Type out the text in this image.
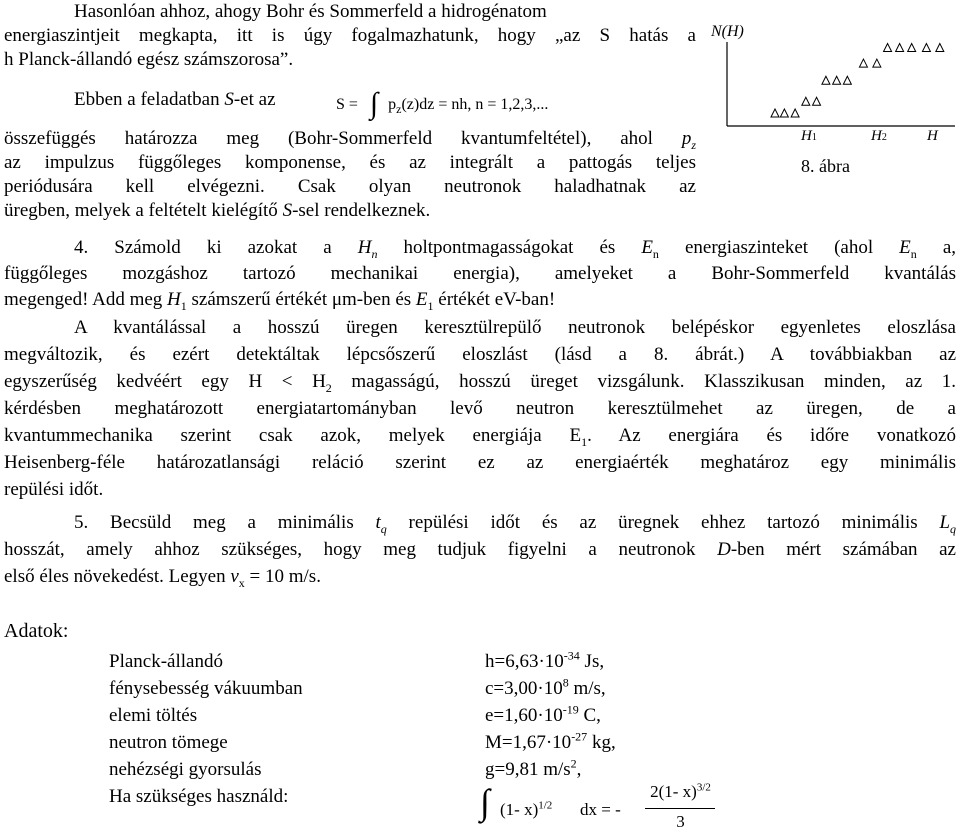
Hasonlóan ahhoz, ahogy Bohr és Sommerfeld a hidrogénatom
energiaszintjeit megkapta, itt is úgy fogalmazhatunk, hogy „az S hatás a
h Planck-állandó egész számszorosa”.
Ebben a feladatban S-et az	S = ∫ $p_z(z)dz$ = nh, n = 1,2,3,...
összefüggés határozza meg (Bohr-Sommerfeld kvantumfeltétel), ahol $p_z$
az impulzus függőleges komponense, és az integrált a pattogás teljes
periódusára kell elvégezni. Csak olyan neutronok haladhatnak az
üregben, melyek a feltételt kielégítő S-sel rendelkeznek.
N(H)
H1	H2	H
8. ábra
4. Számold ki azokat a $H_n$ holtpontmagasságokat és $E_n$ energiaszinteket (ahol $E_n$ a,
függőleges mozgáshoz tartozó mechanikai energia), amelyeket a Bohr-Sommerfeld kvantálás
megenged! Add meg $H_1$ számszerű értékét μm-ben és $E_1$ értékét eV-ban!
A kvantálással a hosszú üregen keresztülrepülő neutronok belépéskor egyenletes eloszlása
megváltozik, és ezért detektáltak lépcsőszerű eloszlást (lásd a 8. ábrát.) A továbbiakban az
egyszerűség kedvéért egy $H < H_2$ magasságú, hosszú üreget vizsgálunk. Klasszikusan minden, az 1.
kérdésben meghatározott energiatartományban levő neutron keresztülmehet az üregen, de a
kvantummechanika szerint csak azok, melyek energiája $E_1$. Az energiára és időre vonatkozó
Heisenberg-féle határozatlansági reláció szerint ez az energiaérték meghatároz egy minimális
repülési időt.
5. Becsüld meg a minimális $t_q$ repülési időt és az üregnek ehhez tartozó minimális $L_q$
hosszát, amely ahhoz szükséges, hogy meg tudjuk figyelni a neutronok D-ben mért számában az
első éles növekedést. Legyen $v_x = 10$ m/s.
Adatok:
Planck-állandó	$h=6,63\cdot 10^{-34}$ Js,
fénysebesség vákuumban	$c=3,00\cdot 10^8$ m/s,
elemi töltés	$e=1,60\cdot 10^{-19}$ C,
neutron tömege	$M=1,67\cdot 10^{-27}$ kg,
nehézségi gyorsulás	g=9,81 $m/s^2$,
Ha szükséges használd:	∫ (1- x)$^{1/2}$ dx = -
2(1- x)$^{3/2}$
3
